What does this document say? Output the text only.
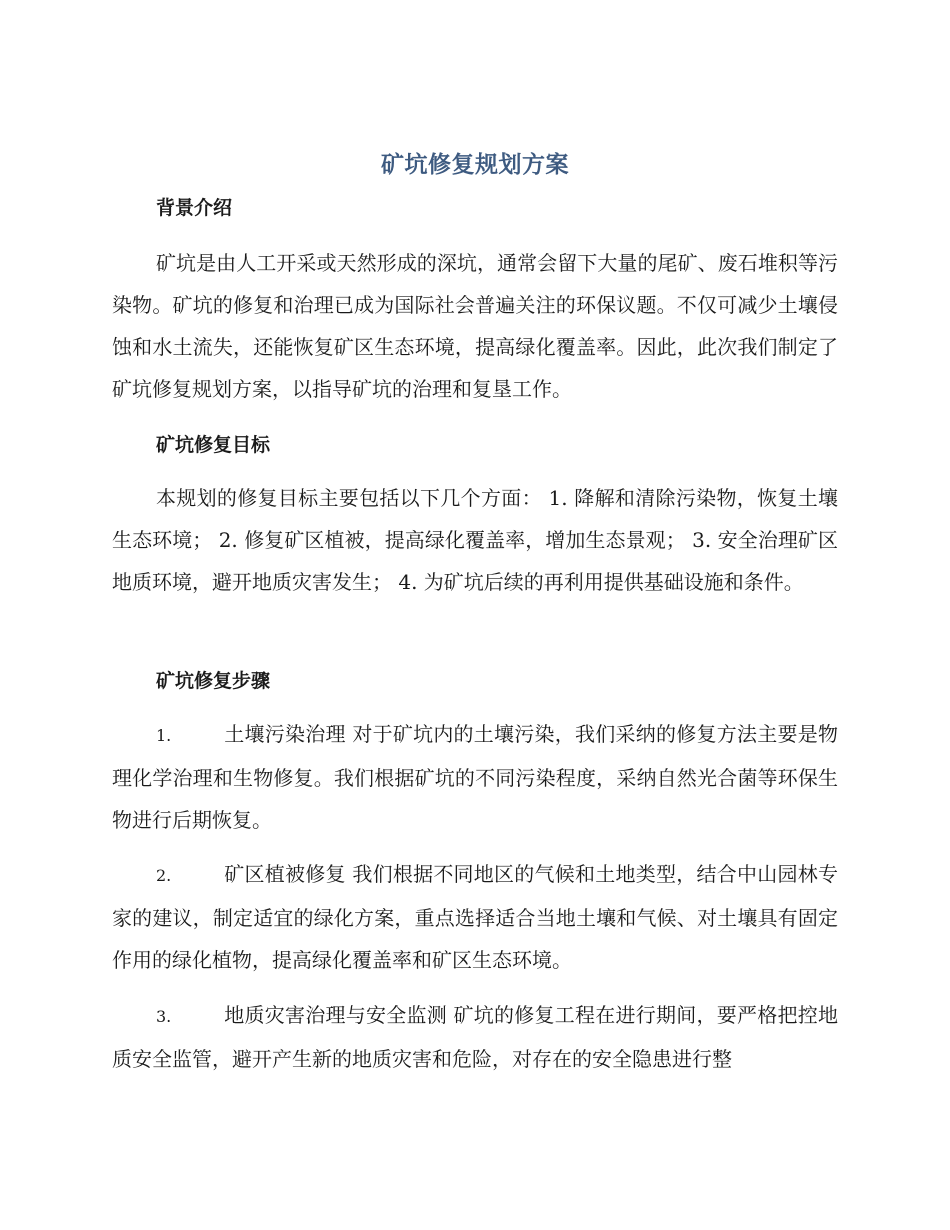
矿坑修复规划方案
背景介绍
矿坑是由人工开采或天然形成的深坑，通常会留下大量的尾矿、废石堆积等污染物。矿坑的修复和治理已成为国际社会普遍关注的环保议题。不仅可减少土壤侵蚀和水土流失，还能恢复矿区生态环境，提高绿化覆盖率。因此，此次我们制定了矿坑修复规划方案，以指导矿坑的治理和复垦工作。
矿坑修复目标
本规划的修复目标主要包括以下几个方面： 1. 降解和清除污染物，恢复土壤生态环境； 2. 修复矿区植被，提高绿化覆盖率，增加生态景观； 3. 安全治理矿区地质环境，避开地质灾害发生； 4. 为矿坑后续的再利用提供基础设施和条件。
矿坑修复步骤
1.	土壤污染治理 对于矿坑内的土壤污染，我们采纳的修复方法主要是物理化学治理和生物修复。我们根据矿坑的不同污染程度，采纳自然光合菌等环保生物进行后期恢复。
2.	矿区植被修复 我们根据不同地区的气候和土地类型，结合中山园林专家的建议，制定适宜的绿化方案，重点选择适合当地土壤和气候、对土壤具有固定作用的绿化植物，提高绿化覆盖率和矿区生态环境。
3.	地质灾害治理与安全监测 矿坑的修复工程在进行期间，要严格把控地质安全监管，避开产生新的地质灾害和危险，对存在的安全隐患进行整
